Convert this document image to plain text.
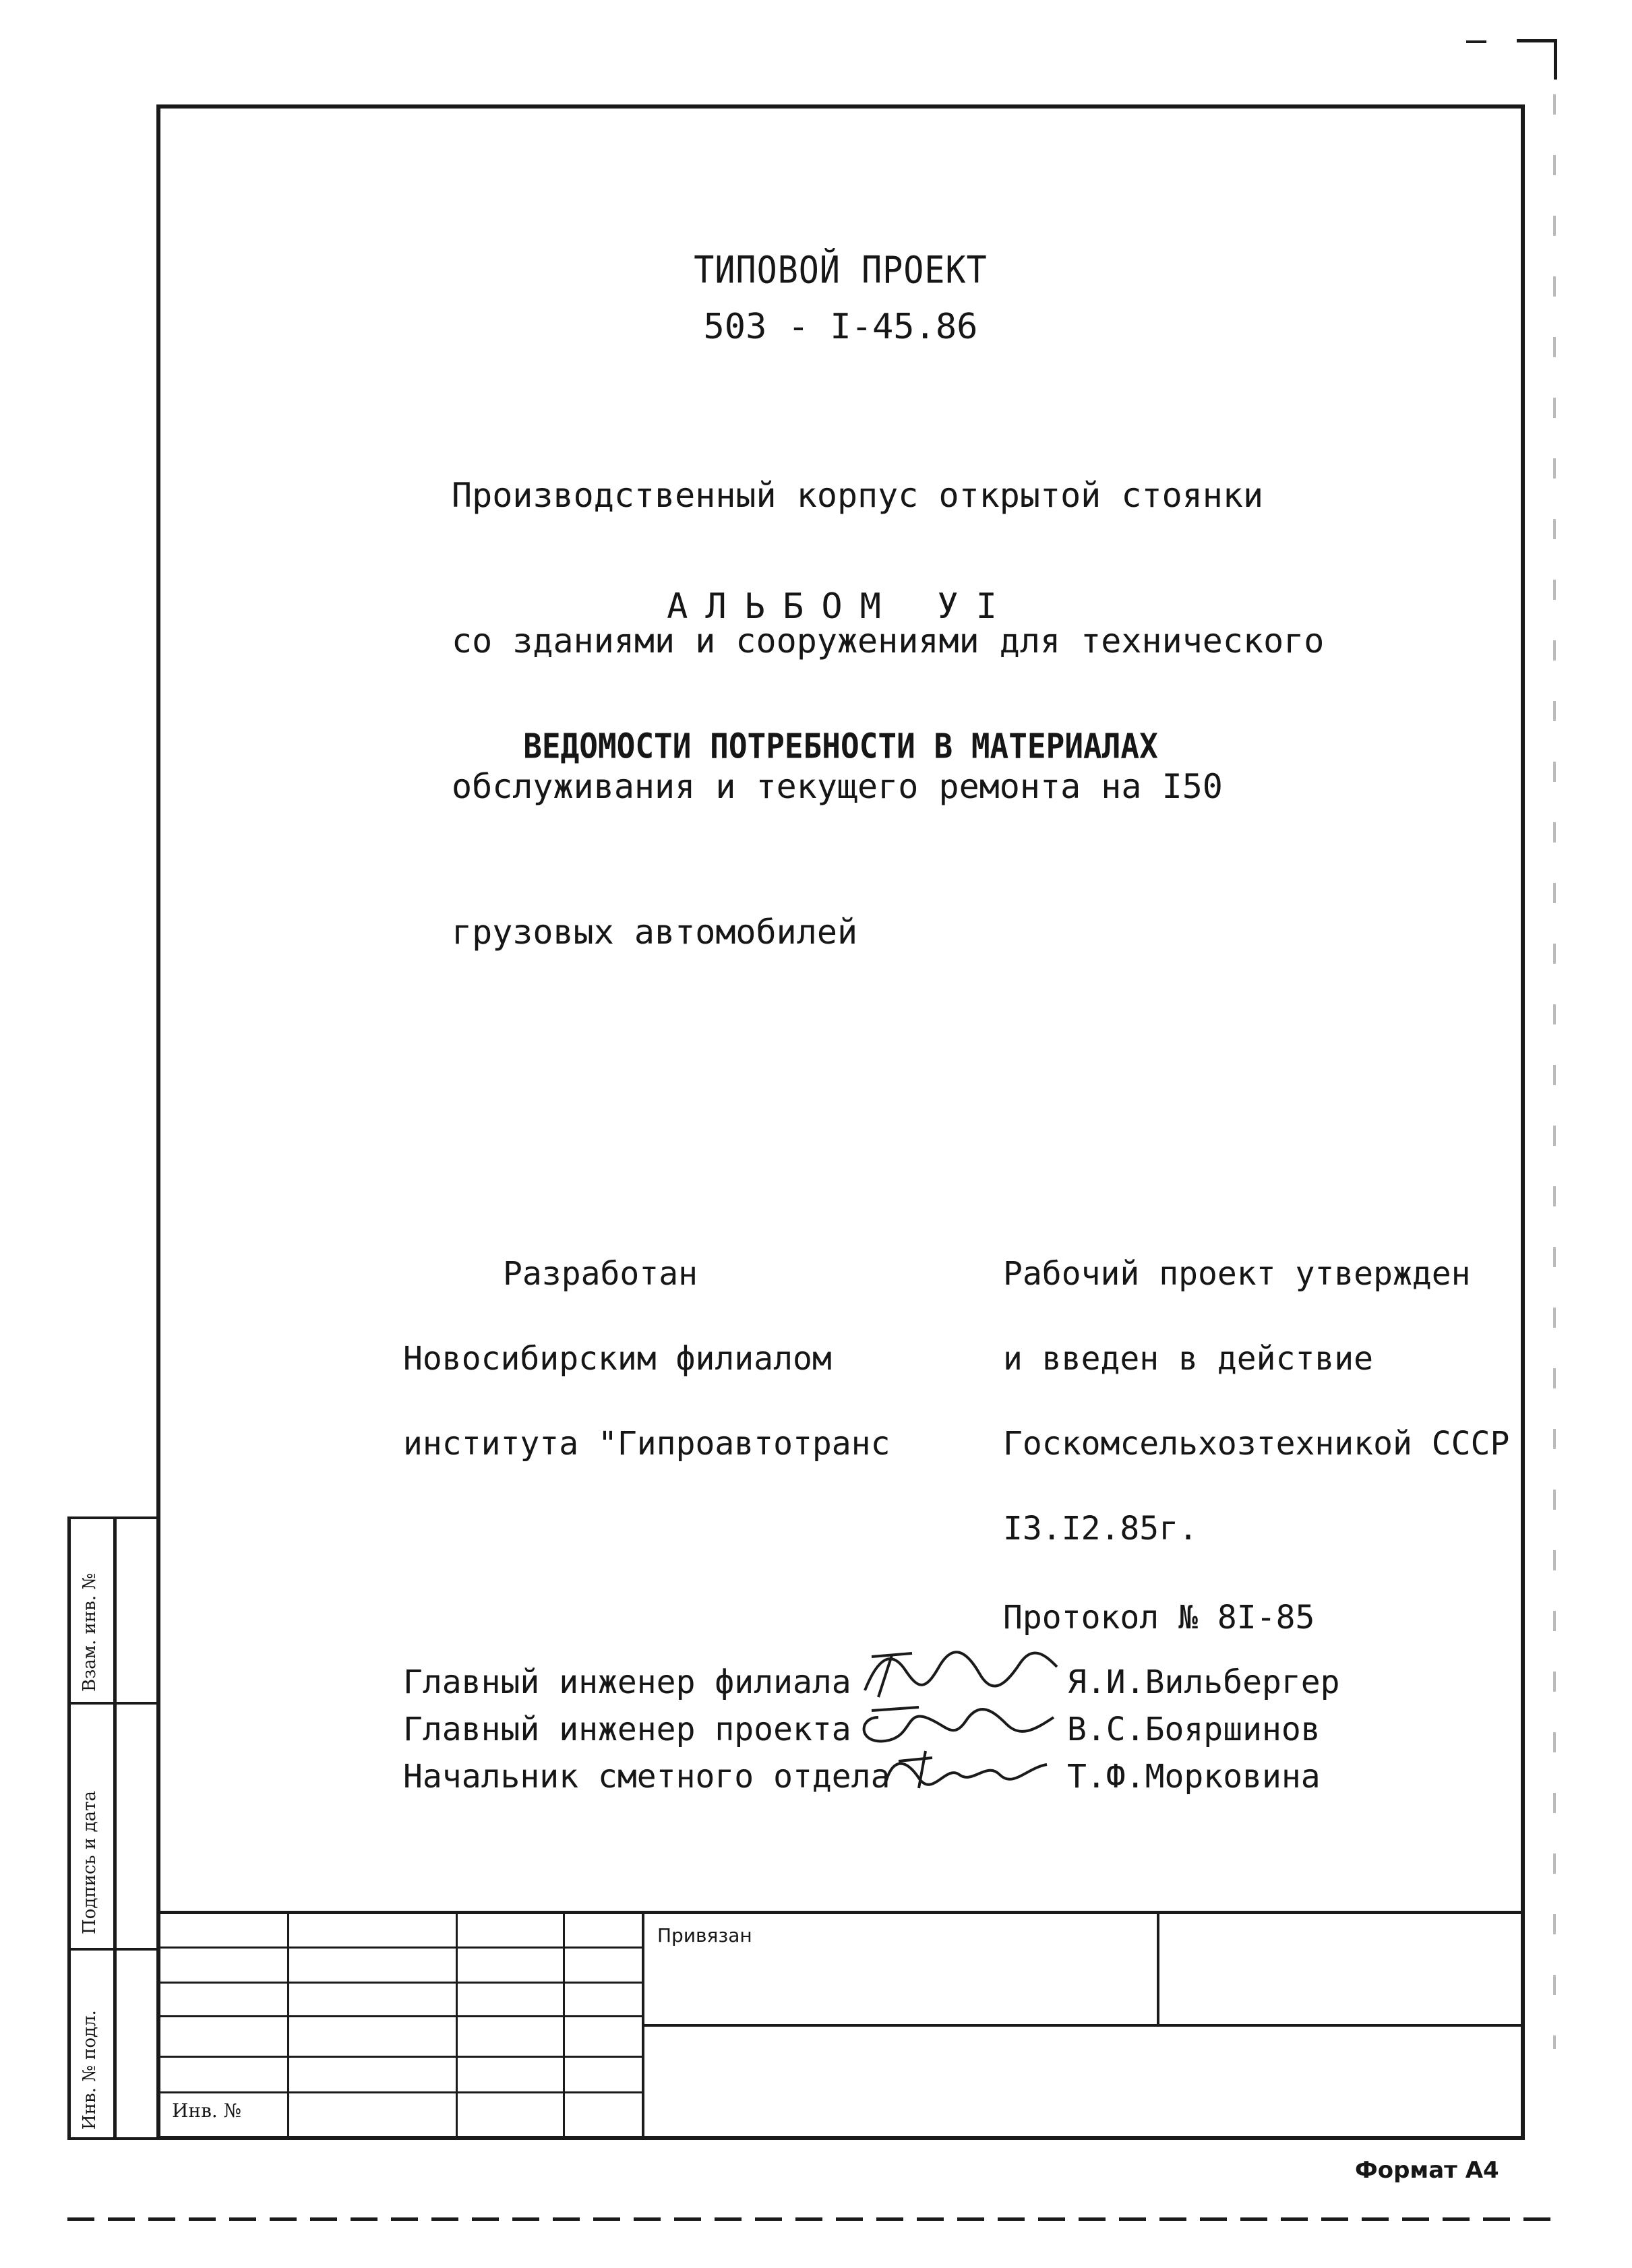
ТИПОВОЙ ПРОЕКТ
503 - I-45.86

Производственный корпус открытой стоянки

со зданиями и сооружениями для технического

обслуживания и текущего ремонта на I50

грузовых автомобилей

АЛЬБОМ УI
ВЕДОМОСТИ ПОТРЕБНОСТИ В МАТЕРИАЛАХ

Разработан

Новосибирским филиалом

института "Гипроавтотранс

Рабочий проект утвержден

и введен в действие

Госкомсельхозтехникой СССР

I3.I2.85г.

Протокол № 8I-85

Главный инженер филиала	Я.И.Вильбергер
Главный инженер проекта	В.С.Бояршинов
Начальник сметного отдела	Т.Ф.Морковина
Привязан
Инв. №
Взам. инв. №
Подпись и дата
Инв. № подл.
Формат А4
